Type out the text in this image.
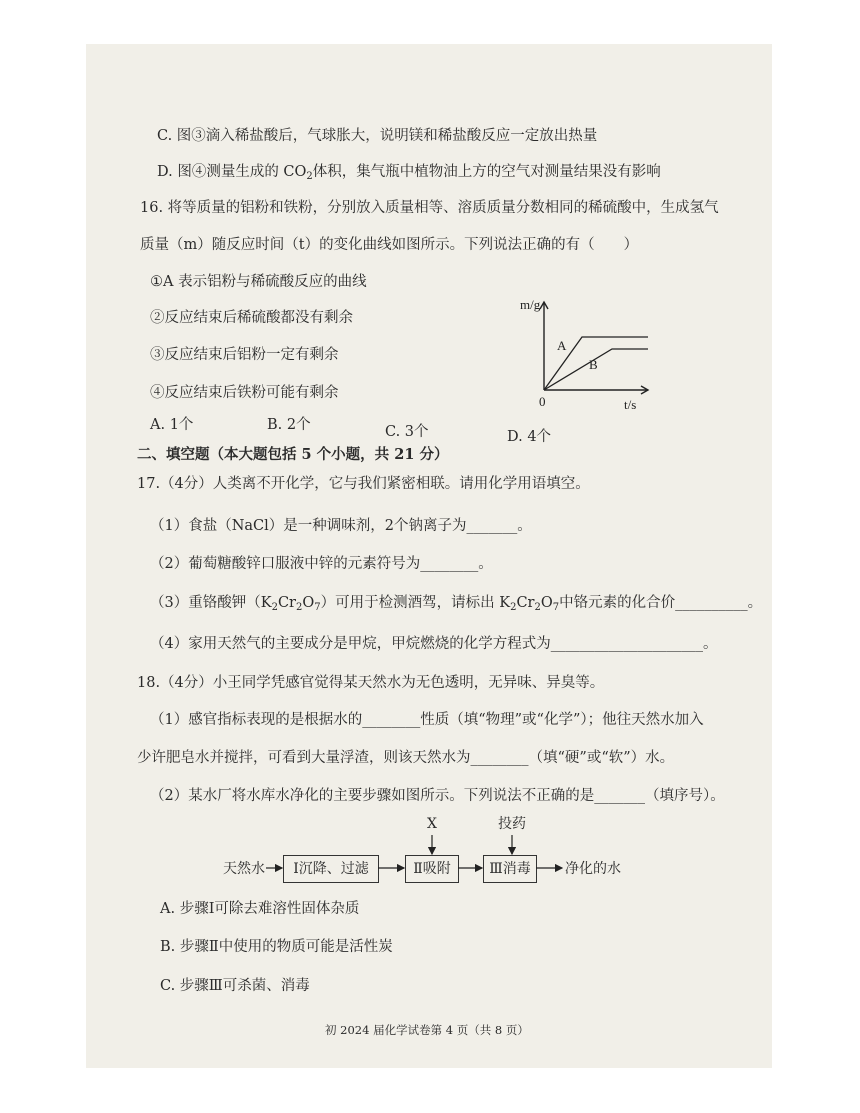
C. 图③滴入稀盐酸后，气球胀大，说明镁和稀盐酸反应一定放出热量
D. 图④测量生成的 $CO_2$体积，集气瓶中植物油上方的空气对测量结果没有影响
16. 将等质量的铝粉和铁粉，分别放入质量相等、溶质质量分数相同的稀硫酸中，生成氢气
质量（m）随反应时间（t）的变化曲线如图所示。下列说法正确的有（　　）
①A 表示铝粉与稀硫酸反应的曲线
②反应结束后稀硫酸都没有剩余
③反应结束后铝粉一定有剩余
④反应结束后铁粉可能有剩余
m/g
t/s
0
A
B
A. 1个	B. 2个	C. 3个	D. 4个
二、填空题（本大题包括 5 个小题，共 21 分）
17.（4分）人类离不开化学，它与我们紧密相联。请用化学用语填空。
（1）食盐（NaCl）是一种调味剂，2个钠离子为_______。
（2）葡萄糖酸锌口服液中锌的元素符号为________。
（3）重铬酸钾$(K_2Cr_2O_7)$可用于检测酒驾，请标出 $K_2Cr_2O_7$中铬元素的化合价__________。
（4）家用天然气的主要成分是甲烷，甲烷燃烧的化学方程式为_____________________。
18.（4分）小王同学凭感官觉得某天然水为无色透明，无异味、异臭等。
（1）感官指标表现的是根据水的________性质（填“物理”或“化学”）；他往天然水加入
少许肥皂水并搅拌，可看到大量浮渣，则该天然水为________（填“硬”或“软”）水。
（2）某水厂将水库水净化的主要步骤如图所示。下列说法不正确的是_______（填序号）。
天然水	Ⅰ沉降、过滤	Ⅱ吸附	Ⅲ消毒	净化的水
X	投药
A. 步骤Ⅰ可除去难溶性固体杂质
B. 步骤Ⅱ中使用的物质可能是活性炭
C. 步骤Ⅲ可杀菌、消毒
初 2024 届化学试卷第 4 页（共 8 页）
